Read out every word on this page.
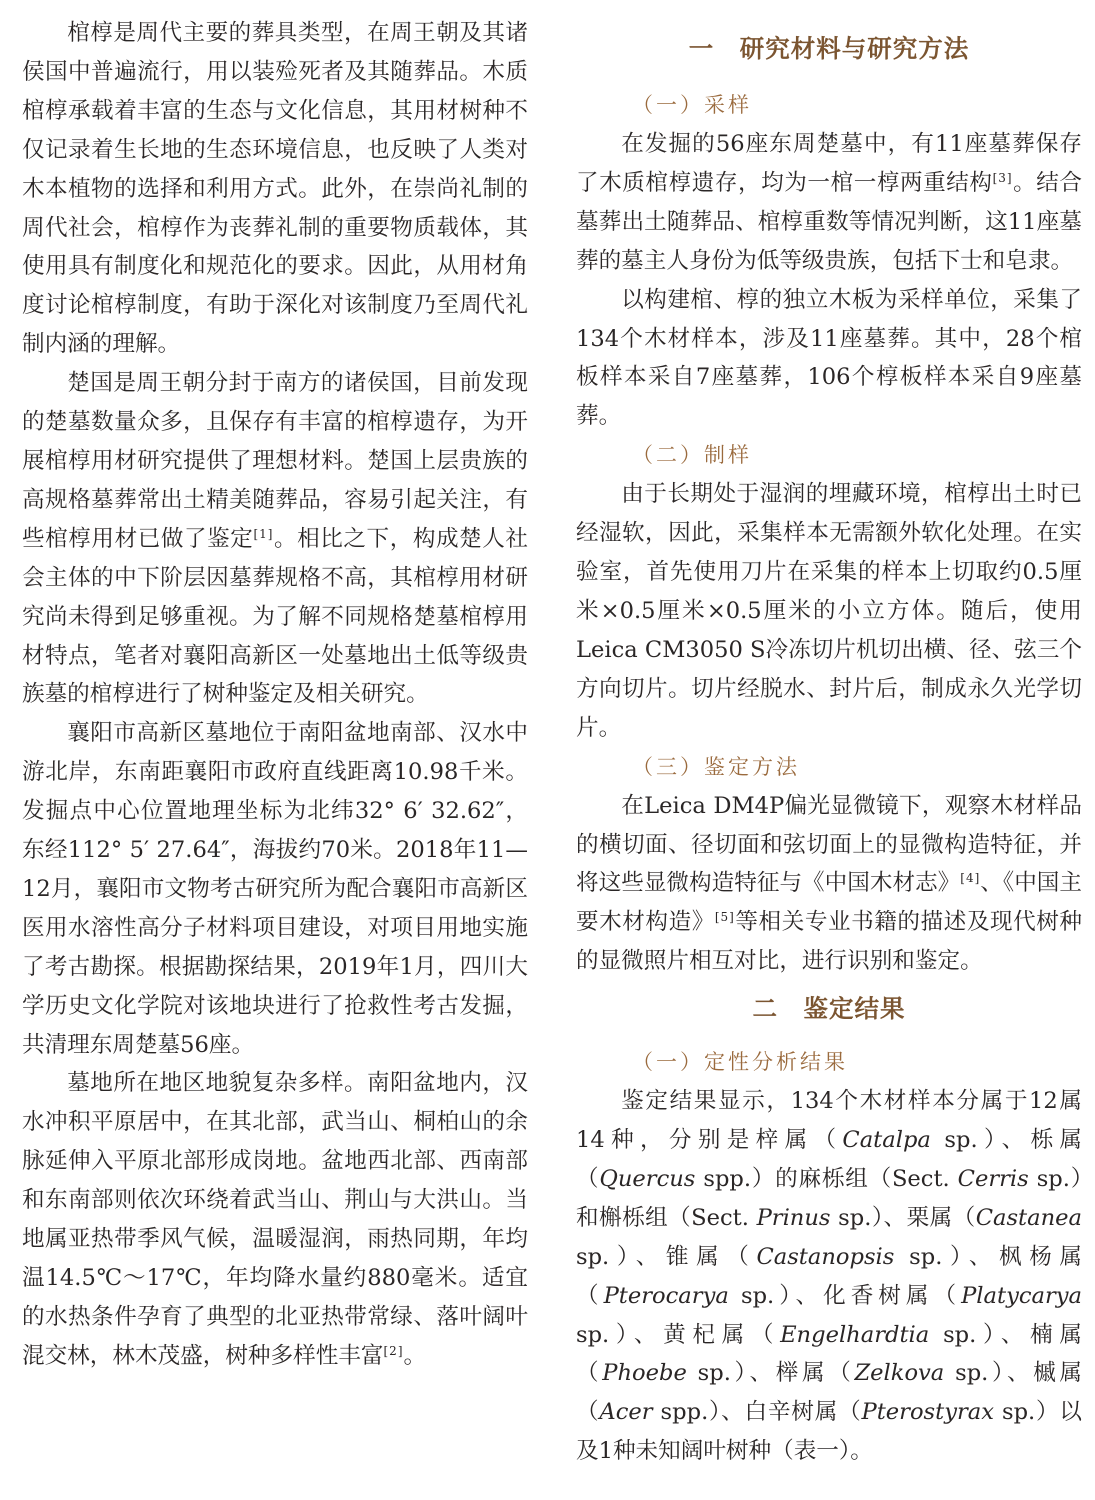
棺椁是周代主要的葬具类型，在周王朝及其诸侯国中普遍流行，用以装殓死者及其随葬品。木质棺椁承载着丰富的生态与文化信息，其用材树种不仅记录着生长地的生态环境信息，也反映了人类对木本植物的选择和利用方式。此外，在崇尚礼制的周代社会，棺椁作为丧葬礼制的重要物质载体，其使用具有制度化和规范化的要求。因此，从用材角度讨论棺椁制度，有助于深化对该制度乃至周代礼制内涵的理解。

楚国是周王朝分封于南方的诸侯国，目前发现的楚墓数量众多，且保存有丰富的棺椁遗存，为开展棺椁用材研究提供了理想材料。楚国上层贵族的高规格墓葬常出土精美随葬品，容易引起关注，有些棺椁用材已做了鉴定[1]。相比之下，构成楚人社会主体的中下阶层因墓葬规格不高，其棺椁用材研究尚未得到足够重视。为了解不同规格楚墓棺椁用材特点，笔者对襄阳高新区一处墓地出土低等级贵族墓的棺椁进行了树种鉴定及相关研究。

襄阳市高新区墓地位于南阳盆地南部、汉水中游北岸，东南距襄阳市政府直线距离10.98千米。发掘点中心位置地理坐标为北纬32° 6′ 32.62″，东经112° 5′ 27.64″，海拔约70米。2018年11—12月，襄阳市文物考古研究所为配合襄阳市高新区医用水溶性高分子材料项目建设，对项目用地实施了考古勘探。根据勘探结果，2019年1月，四川大学历史文化学院对该地块进行了抢救性考古发掘，共清理东周楚墓56座。

墓地所在地区地貌复杂多样。南阳盆地内，汉水冲积平原居中，在其北部，武当山、桐柏山的余脉延伸入平原北部形成岗地。盆地西北部、西南部和东南部则依次环绕着武当山、荆山与大洪山。当地属亚热带季风气候，温暖湿润，雨热同期，年均温14.5℃～17℃，年均降水量约880毫米。适宜的水热条件孕育了典型的北亚热带常绿、落叶阔叶混交林，林木茂盛，树种多样性丰富[2]。

一　研究材料与研究方法
（一）采样

在发掘的56座东周楚墓中，有11座墓葬保存了木质棺椁遗存，均为一棺一椁两重结构[3]。结合墓葬出土随葬品、棺椁重数等情况判断，这11座墓葬的墓主人身份为低等级贵族，包括下士和皂隶。

以构建棺、椁的独立木板为采样单位，采集了134个木材样本，涉及11座墓葬。其中，28个棺板样本采自7座墓葬，106个椁板样本采自9座墓葬。

（二）制样

由于长期处于湿润的埋藏环境，棺椁出土时已经湿软，因此，采集样本无需额外软化处理。在实验室，首先使用刀片在采集的样本上切取约0.5厘米×0.5厘米×0.5厘米的小立方体。随后，使用Leica CM3050 S冷冻切片机切出横、径、弦三个方向切片。切片经脱水、封片后，制成永久光学切片。

（三）鉴定方法

在Leica DM4P偏光显微镜下，观察木材样品的横切面、径切面和弦切面上的显微构造特征，并将这些显微构造特征与《中国木材志》[4]、《中国主要木材构造》[5]等相关专业书籍的描述及现代树种的显微照片相互对比，进行识别和鉴定。

二　鉴定结果
（一）定性分析结果

鉴定结果显示，134个木材样本分属于12属14种，分别是梓属（Catalpa sp.）、栎属（Quercus spp.）的麻栎组（Sect. Cerris sp.）和槲栎组（Sect. Prinus sp.）、栗属（Castanea sp.）、锥属（Castanopsis sp.）、枫杨属（Pterocarya sp.）、化香树属（Platycarya sp.）、黄杞属（Engelhardtia sp.）、楠属（Phoebe sp.）、榉属（Zelkova sp.）、槭属（Acer spp.）、白辛树属（Pterostyrax sp.）以及1种未知阔叶树种（表一）。
